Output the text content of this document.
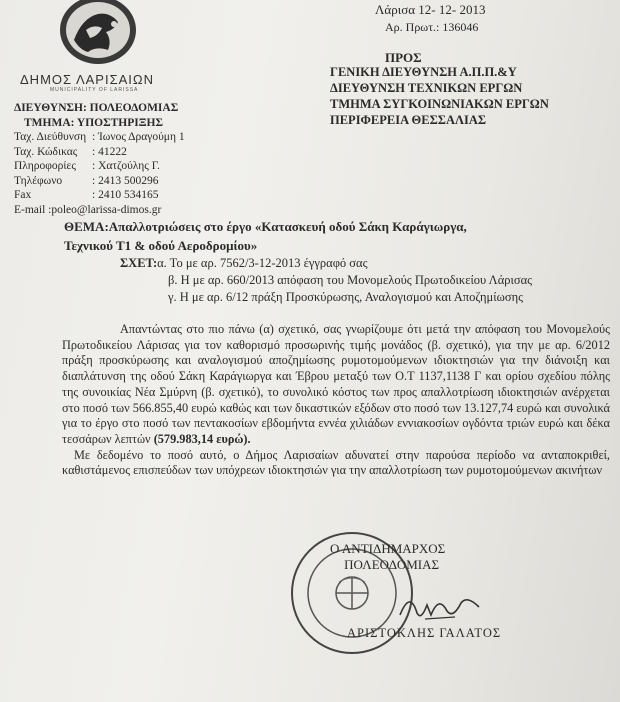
ΔΗΜΟΣ ΛΑΡΙΣΑΙΩΝ
MUNICIPALITY OF LARISSA
Λάρισα 12- 12- 2013
Αρ. Πρωτ.: 136046
ΠΡΟΣ
ΓΕΝΙΚΗ ΔΙΕΥΘΥΝΣΗ Α.Π.Π.&Υ
ΔΙΕΥΘΥΝΣΗ ΤΕΧΝΙΚΩΝ ΕΡΓΩΝ
ΤΜΗΜΑ ΣΥΓΚΟΙΝΩΝΙΑΚΩΝ ΕΡΓΩΝ
ΠΕΡΙΦΕΡΕΙΑ ΘΕΣΣΑΛΙΑΣ
ΔΙΕΥΘΥΝΣΗ: ΠΟΛΕΟΔΟΜΙΑΣ
ΤΜΗΜΑ: ΥΠΟΣΤΗΡΙΞΗΣ
Ταχ. Διεύθυνση : Ίωνος Δραγούμη 1
Ταχ. Κώδικας	: 41222
Πληροφορίες	: Χατζούλης Γ.
Τηλέφωνο	: 2413 500296
Fax	: 2410 534165
E-mail :poleo@larissa-dimos.gr
ΘΕΜΑ:Απαλλοτριώσεις στο έργο «Κατασκευή οδού Σάκη Καράγιωργα,
Τεχνικού Τ1 & οδού Αεροδρομίου»
ΣΧΕΤ:α. Το με αρ. 7562/3-12-2013 έγγραφό σας
β. Η με αρ. 660/2013 απόφαση του Μονομελούς Πρωτοδικείου Λάρισας
γ. Η με αρ. 6/12 πράξη Προσκύρωσης, Αναλογισμού και Αποζημίωσης

Απαντώντας στο πιο πάνω (α) σχετικό, σας γνωρίζουμε ότι μετά την απόφαση του Μονομελούς Πρωτοδικείου Λάρισας για τον καθορισμό προσωρινής τιμής μονάδος (β. σχετικό), για την με αρ. 6/2012 πράξη προσκύρωσης και αναλογισμού αποζημίωσης ρυμοτομούμενων ιδιοκτησιών για την διάνοιξη και διαπλάτυνση της οδού Σάκη Καράγιωργα και Έβρου μεταξύ των Ο.Τ 1137,1138 Γ και ορίου σχεδίου πόλης της συνοικίας Νέα Σμύρνη (β. σχετικό), το συνολικό κόστος των προς απαλλοτρίωση ιδιοκτησιών ανέρχεται στο ποσό των 566.855,40 ευρώ καθώς και των δικαστικών εξόδων στο ποσό των 13.127,74 ευρώ και συνολικά για το έργο στο ποσό των πεντακοσίων εβδομήντα εννέα χιλιάδων εννιακοσίων ογδόντα τριών ευρώ και δέκα τεσσάρων λεπτών (579.983,14 ευρώ).

Με δεδομένο το ποσό αυτό, ο Δήμος Λαρισαίων αδυνατεί στην παρούσα περίοδο να ανταποκριθεί, καθιστάμενος επισπεύδων των υπόχρεων ιδιοκτησιών για την απαλλοτρίωση των ρυμοτομούμενων ακινήτων

Ο ΑΝΤΙΔΗΜΑΡΧΟΣ
ΠΟΛΕΟΔΟΜΙΑΣ
ΑΡΙΣΤΟΚΛΗΣ ΓΑΛΑΤΟΣ
